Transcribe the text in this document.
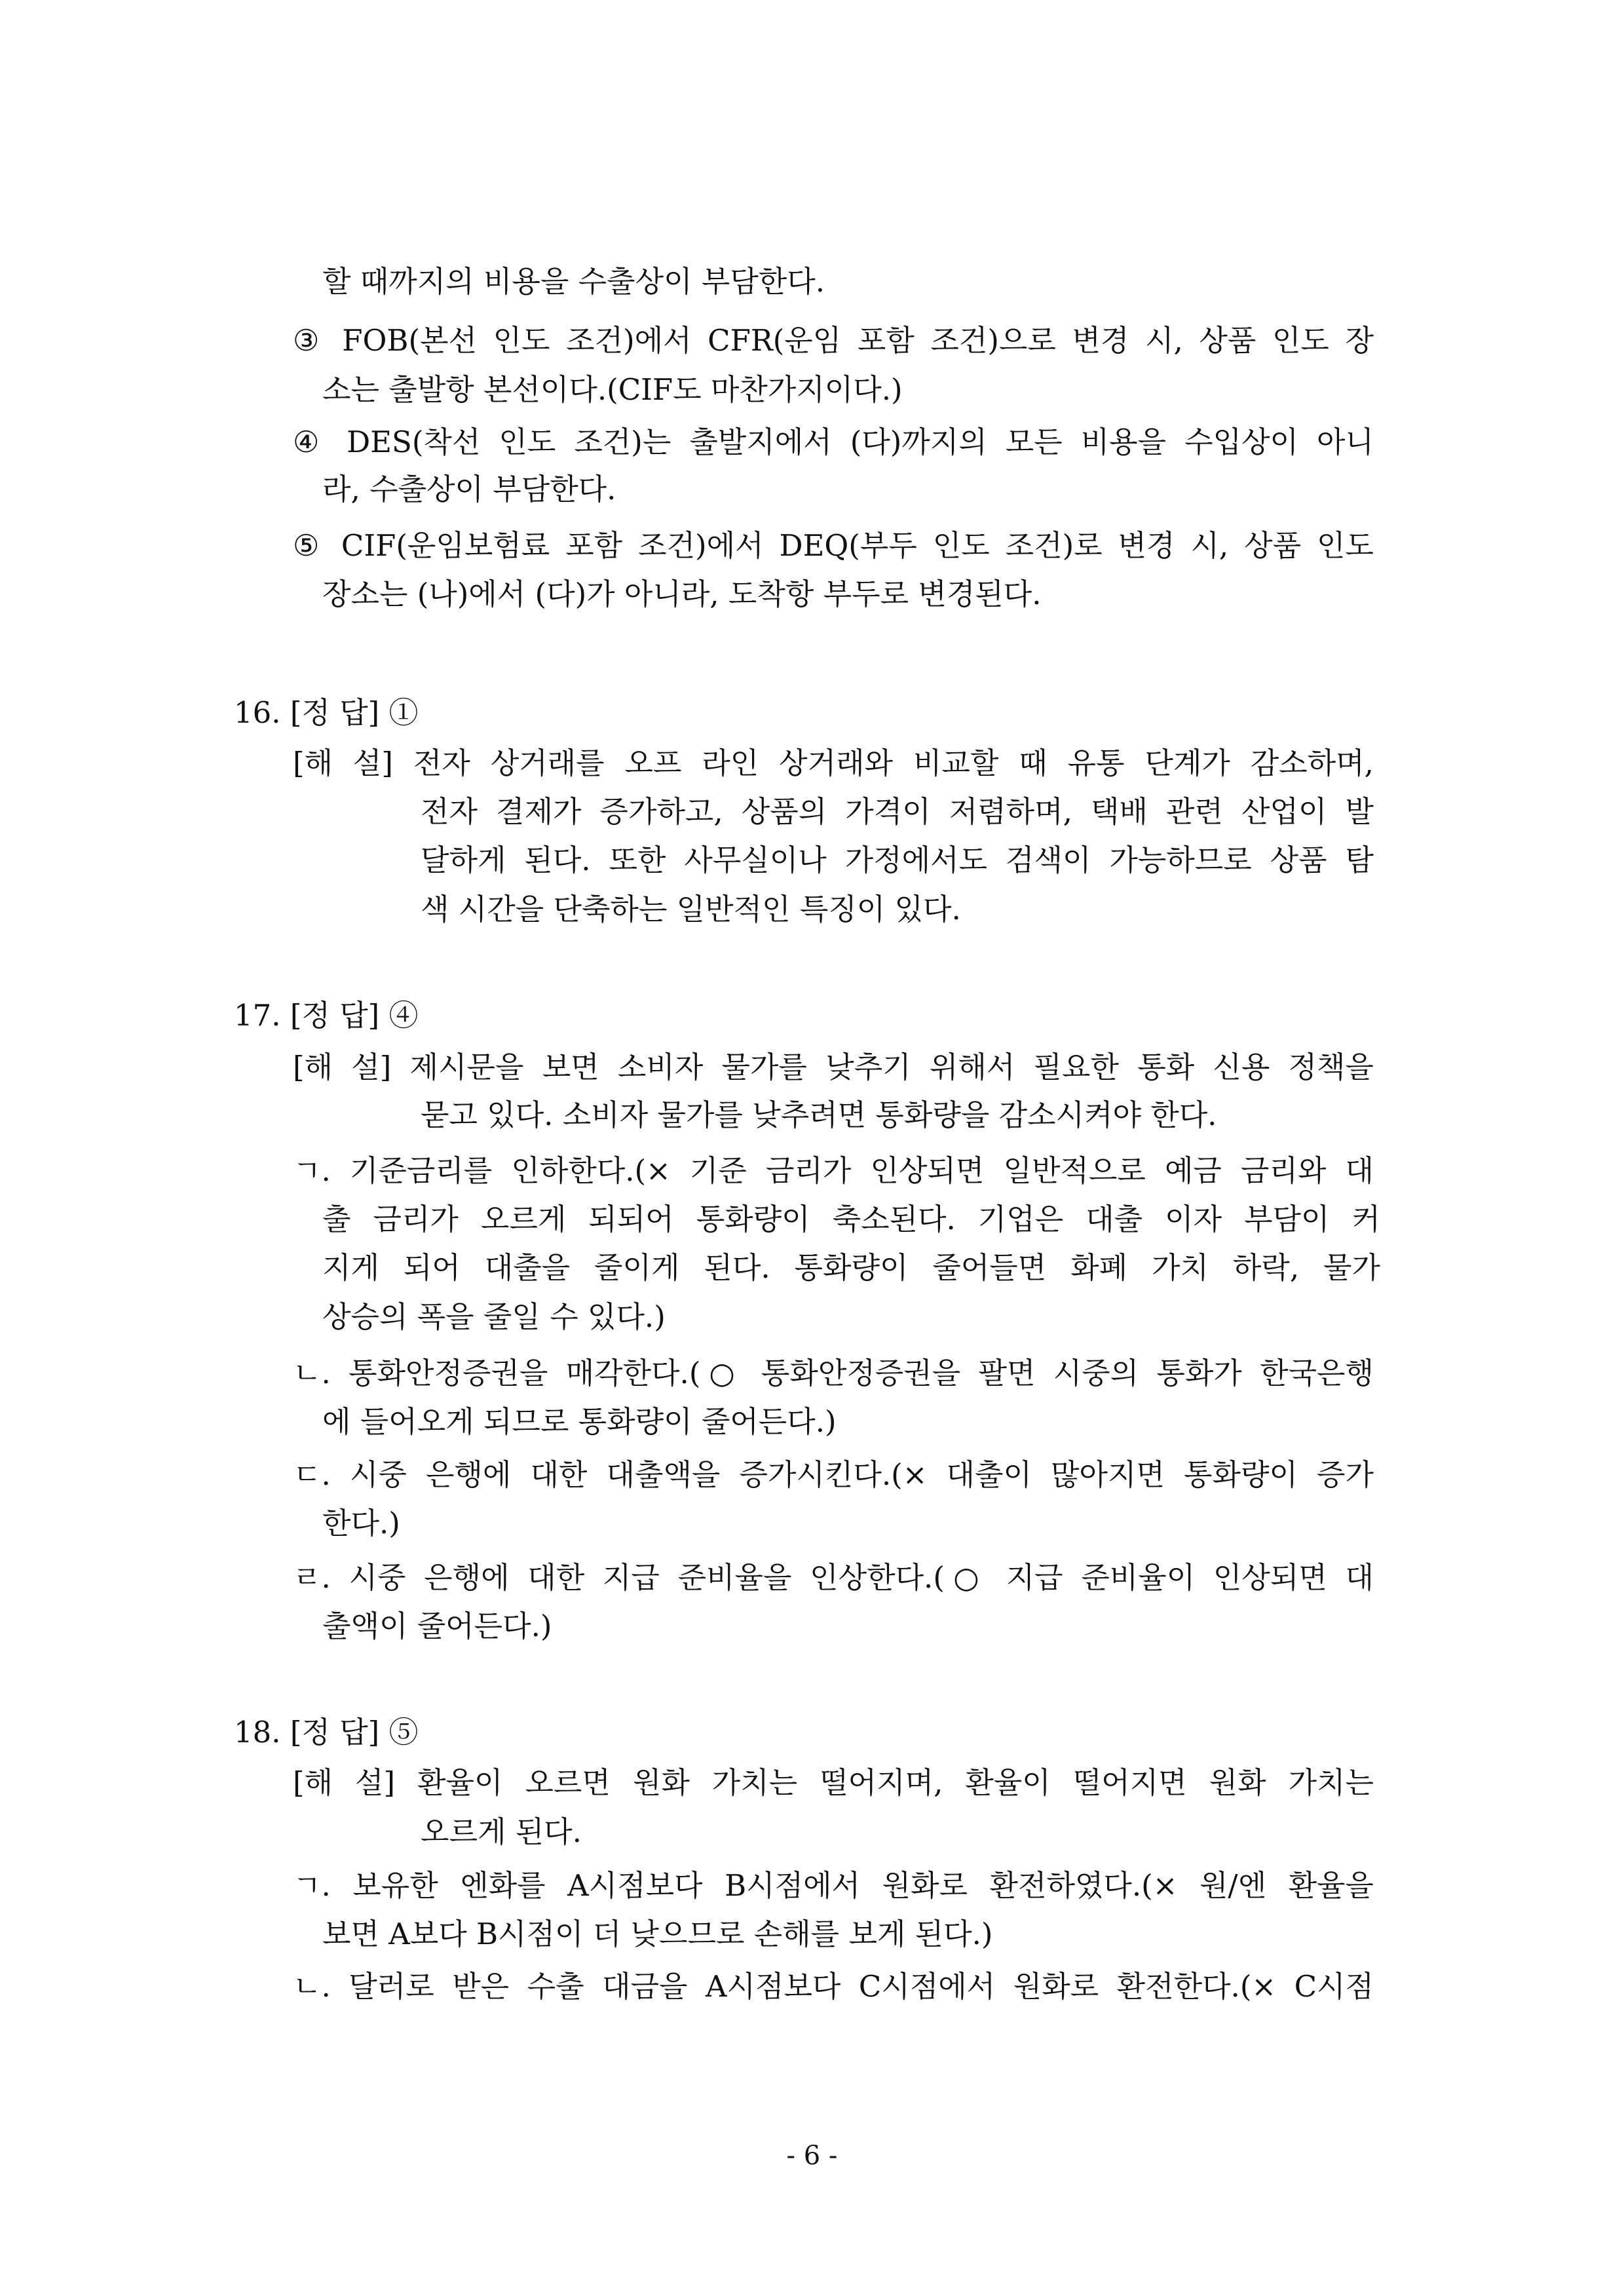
할 때까지의 비용을 수출상이 부담한다.
③ FOB(본선 인도 조건)에서 CFR(운임 포함 조건)으로 변경 시, 상품 인도 장
소는 출발항 본선이다.(CIF도 마찬가지이다.)
④ DES(착선 인도 조건)는 출발지에서 (다)까지의 모든 비용을 수입상이 아니
라, 수출상이 부담한다.
⑤ CIF(운임보험료 포함 조건)에서 DEQ(부두 인도 조건)로 변경 시, 상품 인도
장소는 (나)에서 (다)가 아니라, 도착항 부두로 변경된다.
16. [정 답] ①
[해 설] 전자 상거래를 오프 라인 상거래와 비교할 때 유통 단계가 감소하며,
전자 결제가 증가하고, 상품의 가격이 저렴하며, 택배 관련 산업이 발
달하게 된다. 또한 사무실이나 가정에서도 검색이 가능하므로 상품 탐
색 시간을 단축하는 일반적인 특징이 있다.
17. [정 답] ④
[해 설] 제시문을 보면 소비자 물가를 낮추기 위해서 필요한 통화 신용 정책을
묻고 있다. 소비자 물가를 낮추려면 통화량을 감소시켜야 한다.
ㄱ. 기준금리를 인하한다.(× 기준 금리가 인상되면 일반적으로 예금 금리와 대
출 금리가 오르게 되되어 통화량이 축소된다. 기업은 대출 이자 부담이 커
지게 되어 대출을 줄이게 된다. 통화량이 줄어들면 화폐 가치 하락, 물가
상승의 폭을 줄일 수 있다.)
ㄴ. 통화안정증권을 매각한다.(○ 통화안정증권을 팔면 시중의 통화가 한국은행
에 들어오게 되므로 통화량이 줄어든다.)
ㄷ. 시중 은행에 대한 대출액을 증가시킨다.(× 대출이 많아지면 통화량이 증가
한다.)
ㄹ. 시중 은행에 대한 지급 준비율을 인상한다.(○ 지급 준비율이 인상되면 대
출액이 줄어든다.)
18. [정 답] ⑤
[해 설] 환율이 오르면 원화 가치는 떨어지며, 환율이 떨어지면 원화 가치는
오르게 된다.
ㄱ. 보유한 엔화를 A시점보다 B시점에서 원화로 환전하였다.(× 원/엔 환율을
보면 A보다 B시점이 더 낮으므로 손해를 보게 된다.)
ㄴ. 달러로 받은 수출 대금을 A시점보다 C시점에서 원화로 환전한다.(× C시점
- 6 -
